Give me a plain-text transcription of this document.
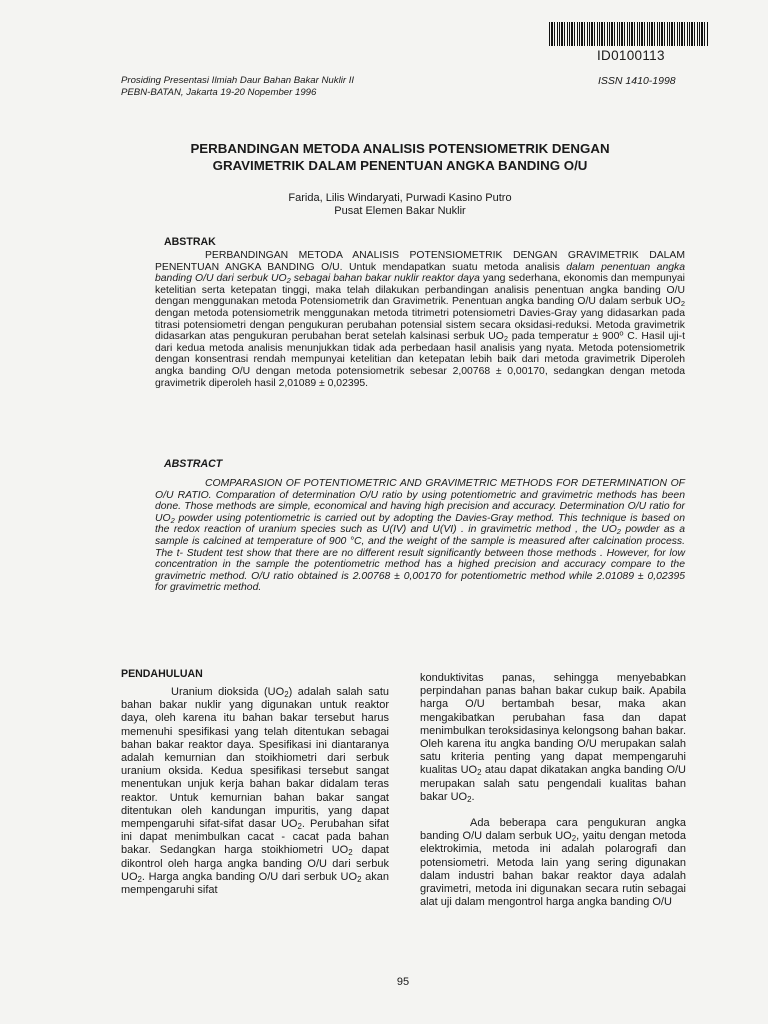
ID0100113
Prosiding Presentasi Ilmiah Daur Bahan Bakar Nuklir II
PEBN-BATAN, Jakarta 19-20 Nopember 1996
ISSN 1410-1998
PERBANDINGAN METODA ANALISIS POTENSIOMETRIK DENGAN
GRAVIMETRIK DALAM PENENTUAN ANGKA BANDING O/U
Farida, Lilis Windaryati, Purwadi Kasino Putro
Pusat Elemen Bakar Nuklir
ABSTRAK
PERBANDINGAN METODA ANALISIS POTENSIOMETRIK DENGAN GRAVIMETRIK DALAM PENENTUAN ANGKA BANDING O/U. Untuk mendapatkan suatu metoda analisis dalam penentuan angka banding O/U dari serbuk $UO_2$ sebagai bahan bakar nuklir reaktor daya yang sederhana, ekonomis dan mempunyai ketelitian serta ketepatan tinggi, maka telah dilakukan perbandingan analisis penentuan angka banding O/U dengan menggunakan metoda Potensiometrik dan Gravimetrik. Penentuan angka banding O/U dalam serbuk $UO_2$ dengan metoda potensiometrik menggunakan metoda titrimetri potensiometri Davies-Gray yang didasarkan pada titrasi potensiometri dengan pengukuran perubahan potensial sistem secara oksidasi-reduksi. Metoda gravimetrik didasarkan atas pengukuran perubahan berat setelah kalsinasi serbuk $UO_2$ pada temperatur ± $900^o$ C. Hasil uji-t dari kedua metoda analisis menunjukkan tidak ada perbedaan hasil analisis yang nyata. Metoda potensiometrik dengan konsentrasi rendah mempunyai ketelitian dan ketepatan lebih baik dari metoda gravimetrik Diperoleh angka banding O/U dengan metoda potensiometrik sebesar 2,00768 ± 0,00170, sedangkan dengan metoda gravimetrik diperoleh hasil 2,01089 ± 0,02395.
ABSTRACT
COMPARASION OF POTENTIOMETRIC AND GRAVIMETRIC METHODS FOR DETERMINATION OF O/U RATIO. Comparation of determination O/U ratio by using potentiometric and gravimetric methods has been done. Those methods are simple, economical and having high precision and accuracy. Determination O/U ratio for $UO_2$ powder using potentiometric is carried out by adopting the Davies-Gray method. This technique is based on the redox reaction of uranium species such as U(IV) and U(VI) . in gravimetric method , the $UO_2$ powder as a sample is calcined at temperature of 900 °C, and the weight of the sample is measured after calcination process. The t- Student test show that there are no different result significantly between those methods . However, for low concentration in the sample the potentiometric method has a highed precision and accuracy compare to the gravimetric method. O/U ratio obtained is 2.00768 ± 0,00170 for potentiometric method while 2.01089 ± 0,02395 for gravimetric method.
PENDAHULUAN

Uranium dioksida $(UO_2)$ adalah salah satu bahan bakar nuklir yang digunakan untuk reaktor daya, oleh karena itu bahan bakar tersebut harus memenuhi spesifikasi yang telah ditentukan sebagai bahan bakar reaktor daya. Spesifikasi ini diantaranya adalah kemurnian dan stoikhiometri dari serbuk uranium oksida. Kedua spesifikasi tersebut sangat menentukan unjuk kerja bahan bakar didalam teras reaktor. Untuk kemurnian bahan bakar sangat ditentukan oleh kandungan impuritis, yang dapat mempengaruhi sifat-sifat dasar $UO_2$. Perubahan sifat ini dapat menimbulkan cacat - cacat pada bahan bakar. Sedangkan harga stoikhiometri $UO_2$ dapat dikontrol oleh harga angka banding O/U dari serbuk $UO_2$. Harga angka banding O/U dari serbuk $UO_2$ akan mempengaruhi sifat

konduktivitas panas, sehingga menyebabkan perpindahan panas bahan bakar cukup baik. Apabila harga O/U bertambah besar, maka akan mengakibatkan perubahan fasa dan dapat menimbulkan teroksidasinya kelongsong bahan bakar. Oleh karena itu angka banding O/U merupakan salah satu kriteria penting yang dapat mempengaruhi kualitas $UO_2$ atau dapat dikatakan angka banding O/U merupakan salah satu pengendali kualitas bahan bakar $UO_2$.

Ada beberapa cara pengukuran angka banding O/U dalam serbuk $UO_2$, yaitu dengan metoda elektrokimia, metoda ini adalah polarografi dan potensiometri. Metoda lain yang sering digunakan dalam industri bahan bakar reaktor daya adalah gravimetri, metoda ini digunakan secara rutin sebagai alat uji dalam mengontrol harga angka banding O/U

95
